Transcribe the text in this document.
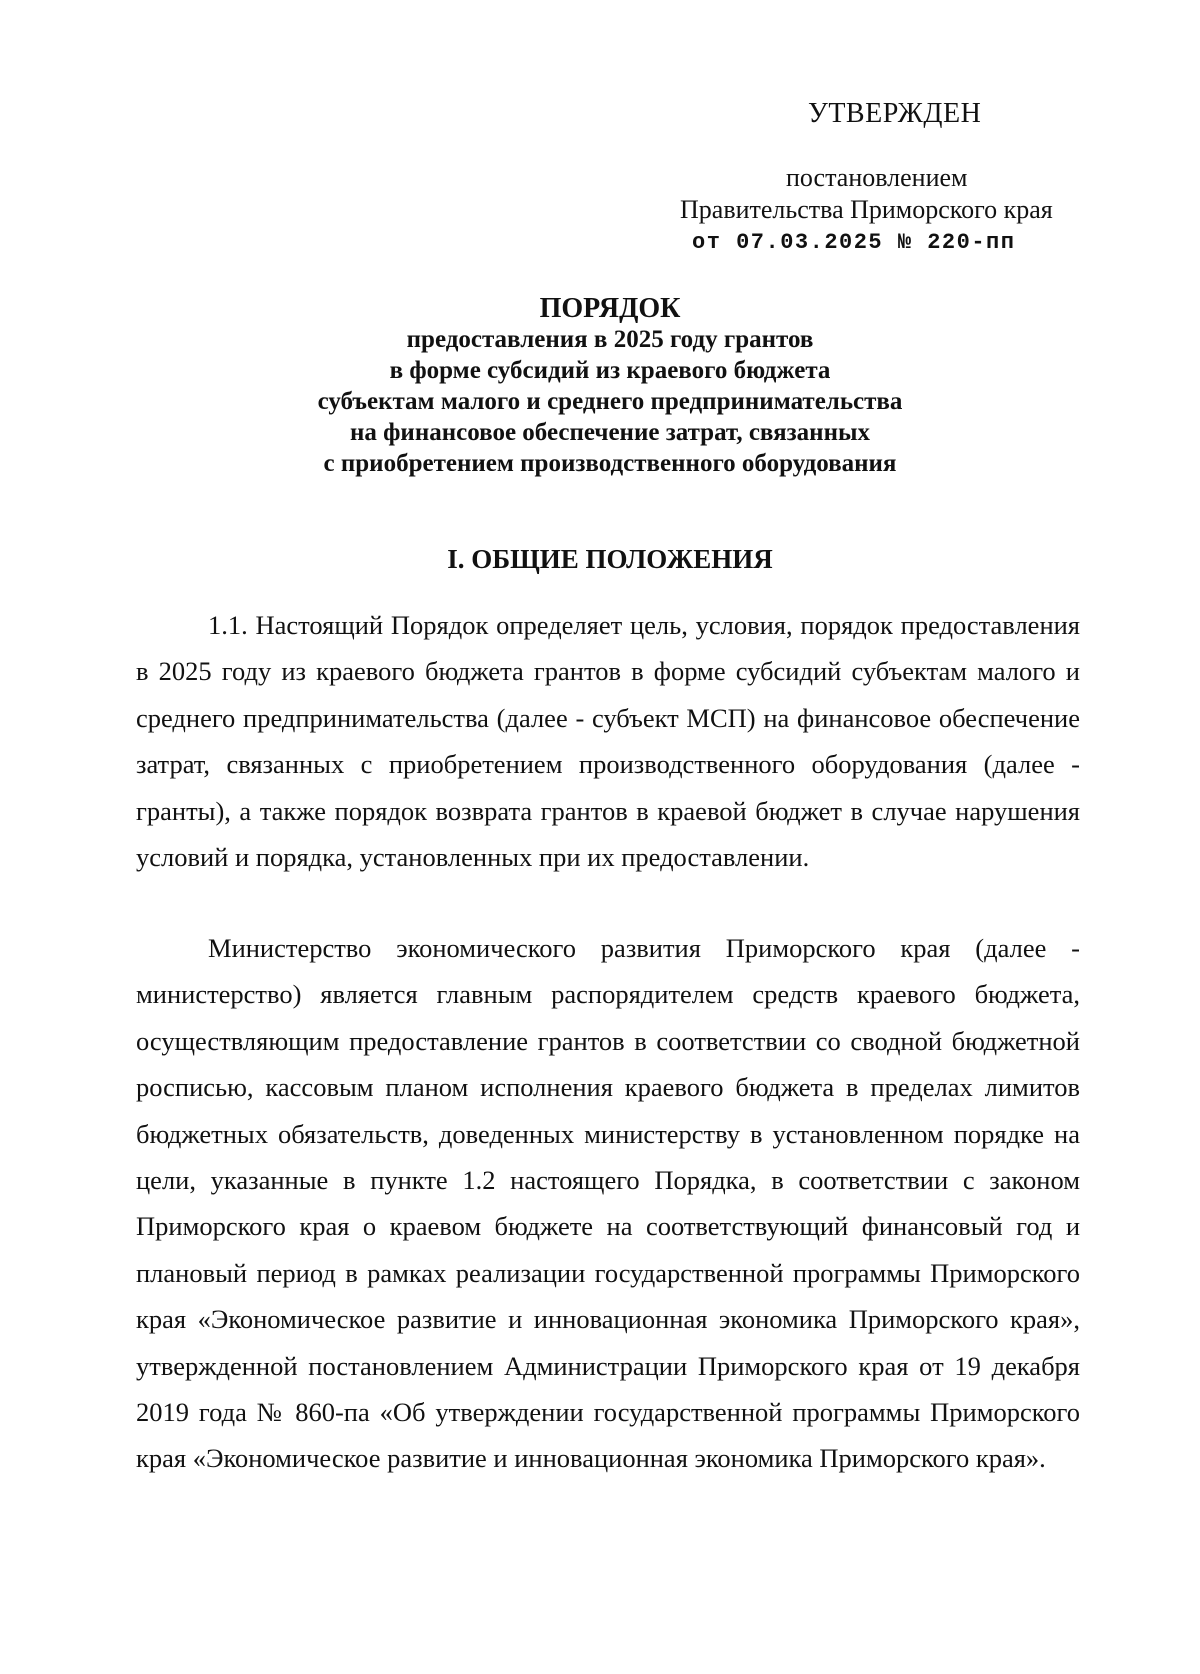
УТВЕРЖДЕН
постановлением
Правительства Приморского края
от 07.03.2025 № 220-пп
ПОРЯДОК
предоставления в 2025 году грантов
в форме субсидий из краевого бюджета
субъектам малого и среднего предпринимательства
на финансовое обеспечение затрат, связанных
с приобретением производственного оборудования
I. ОБЩИЕ ПОЛОЖЕНИЯ
1.1. Настоящий Порядок определяет цель, условия, порядок предоставления в 2025 году из краевого бюджета грантов в форме субсидий субъектам малого и среднего предпринимательства (далее - субъект МСП) на финансовое обеспечение затрат, связанных с приобретением производственного оборудования (далее - гранты), а также порядок возврата грантов в краевой бюджет в случае нарушения условий и порядка, установленных при их предоставлении.
Министерство экономического развития Приморского края (далее - министерство) является главным распорядителем средств краевого бюджета, осуществляющим предоставление грантов в соответствии со сводной бюджетной росписью, кассовым планом исполнения краевого бюджета в пределах лимитов бюджетных обязательств, доведенных министерству в установленном порядке на цели, указанные в пункте 1.2 настоящего Порядка, в соответствии с законом Приморского края о краевом бюджете на соответствующий финансовый год и плановый период в рамках реализации государственной программы Приморского края «Экономическое развитие и инновационная экономика Приморского края», утвержденной постановлением Администрации Приморского края от 19 декабря 2019 года № 860-па «Об утверждении государственной программы Приморского края «Экономическое развитие и инновационная экономика Приморского края».
